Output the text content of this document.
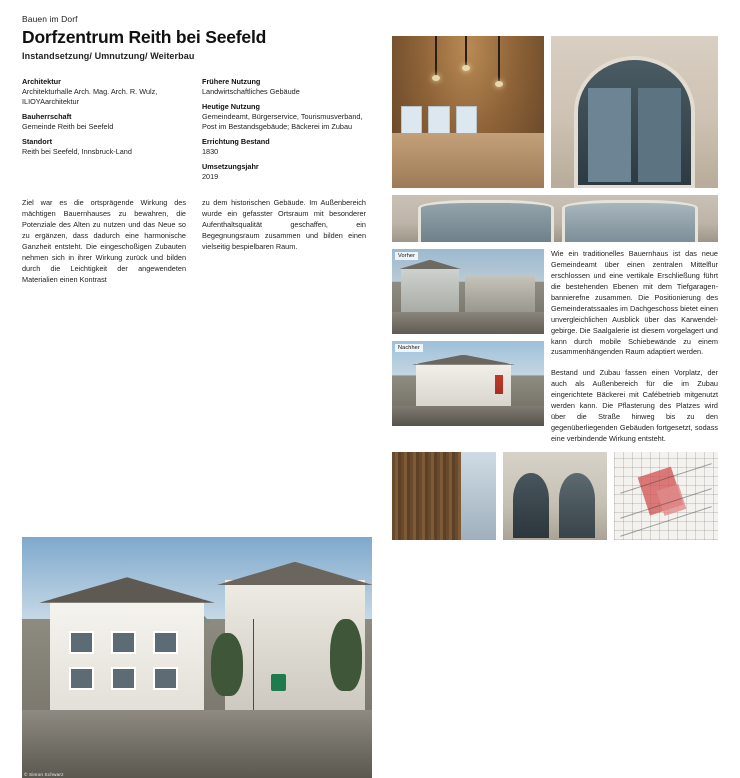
Bauen im Dorf
Dorfzentrum Reith bei Seefeld
Instandsetzung/ Umnutzung/ Weiterbau
Architektur
Architekturhalle Arch. Mag. Arch. R. Wulz, ILIOYAarchitektur
Bauherrschaft
Gemeinde Reith bei Seefeld
Standort
Reith bei Seefeld, Innsbruck-Land
Frühere Nutzung
Landwirtschaftliches Gebäude
Heutige Nutzung
Gemeindeamt, Bürgerservice, Tourismusverband, Post im Bestandsgebäude; Bäckerei im Zubau
Errichtung Bestand
1830
Umsetzungsjahr
2019
Ziel war es die ortsprägende Wirkung des mächtigen Bauernhauses zu bewahren, die Potenziale des Alten zu nutzen und das Neue so zu ergänzen, dass dadurch eine harmonische Ganzheit entsteht. Die eingeschoßigen Zubauten nehmen sich in ihrer Wirkung zurück und bilden durch die Leichtigkeit der angewendeten Materialien einen Kontrast
zu dem historischen Gebäude. Im Außenbereich wurde ein gefasster Ortsraum mit besonderer Aufenthaltsqualität geschaffen, ein Begegnungsraum zusammen und bilden einen vielseitig bespielbaren Raum.
© Simon Schwarz
Vorher
Nachher
Wie ein traditionelles Bauernhaus ist das neue Gemeindeamt über einen zentralen Mittelflur erschlossen und eine vertikale Erschließung führt die bestehenden Ebenen mit dem Tiefgaragenbannierefne zusammen. Die Positionierung des Gemeinderatssaales im Dachgeschoss bietet einen unvergleichlichen Ausblick über das Karwendelgebirge. Die Saalgalerie ist diesem vorgelagert und kann durch mobile Schiebewände zu einem zusammenhängenden Raum adaptiert werden.
Bestand und Zubau fassen einen Vorplatz, der auch als Außenbereich für die im Zubau eingerichtete Bäckerei mit Cafébetrieb mitgenutzt werden kann. Die Pflasterung des Platzes wird über die Straße hinweg bis zu den gegenüberliegenden Gebäuden fortgesetzt, sodass eine verbindende Wirkung entsteht.
